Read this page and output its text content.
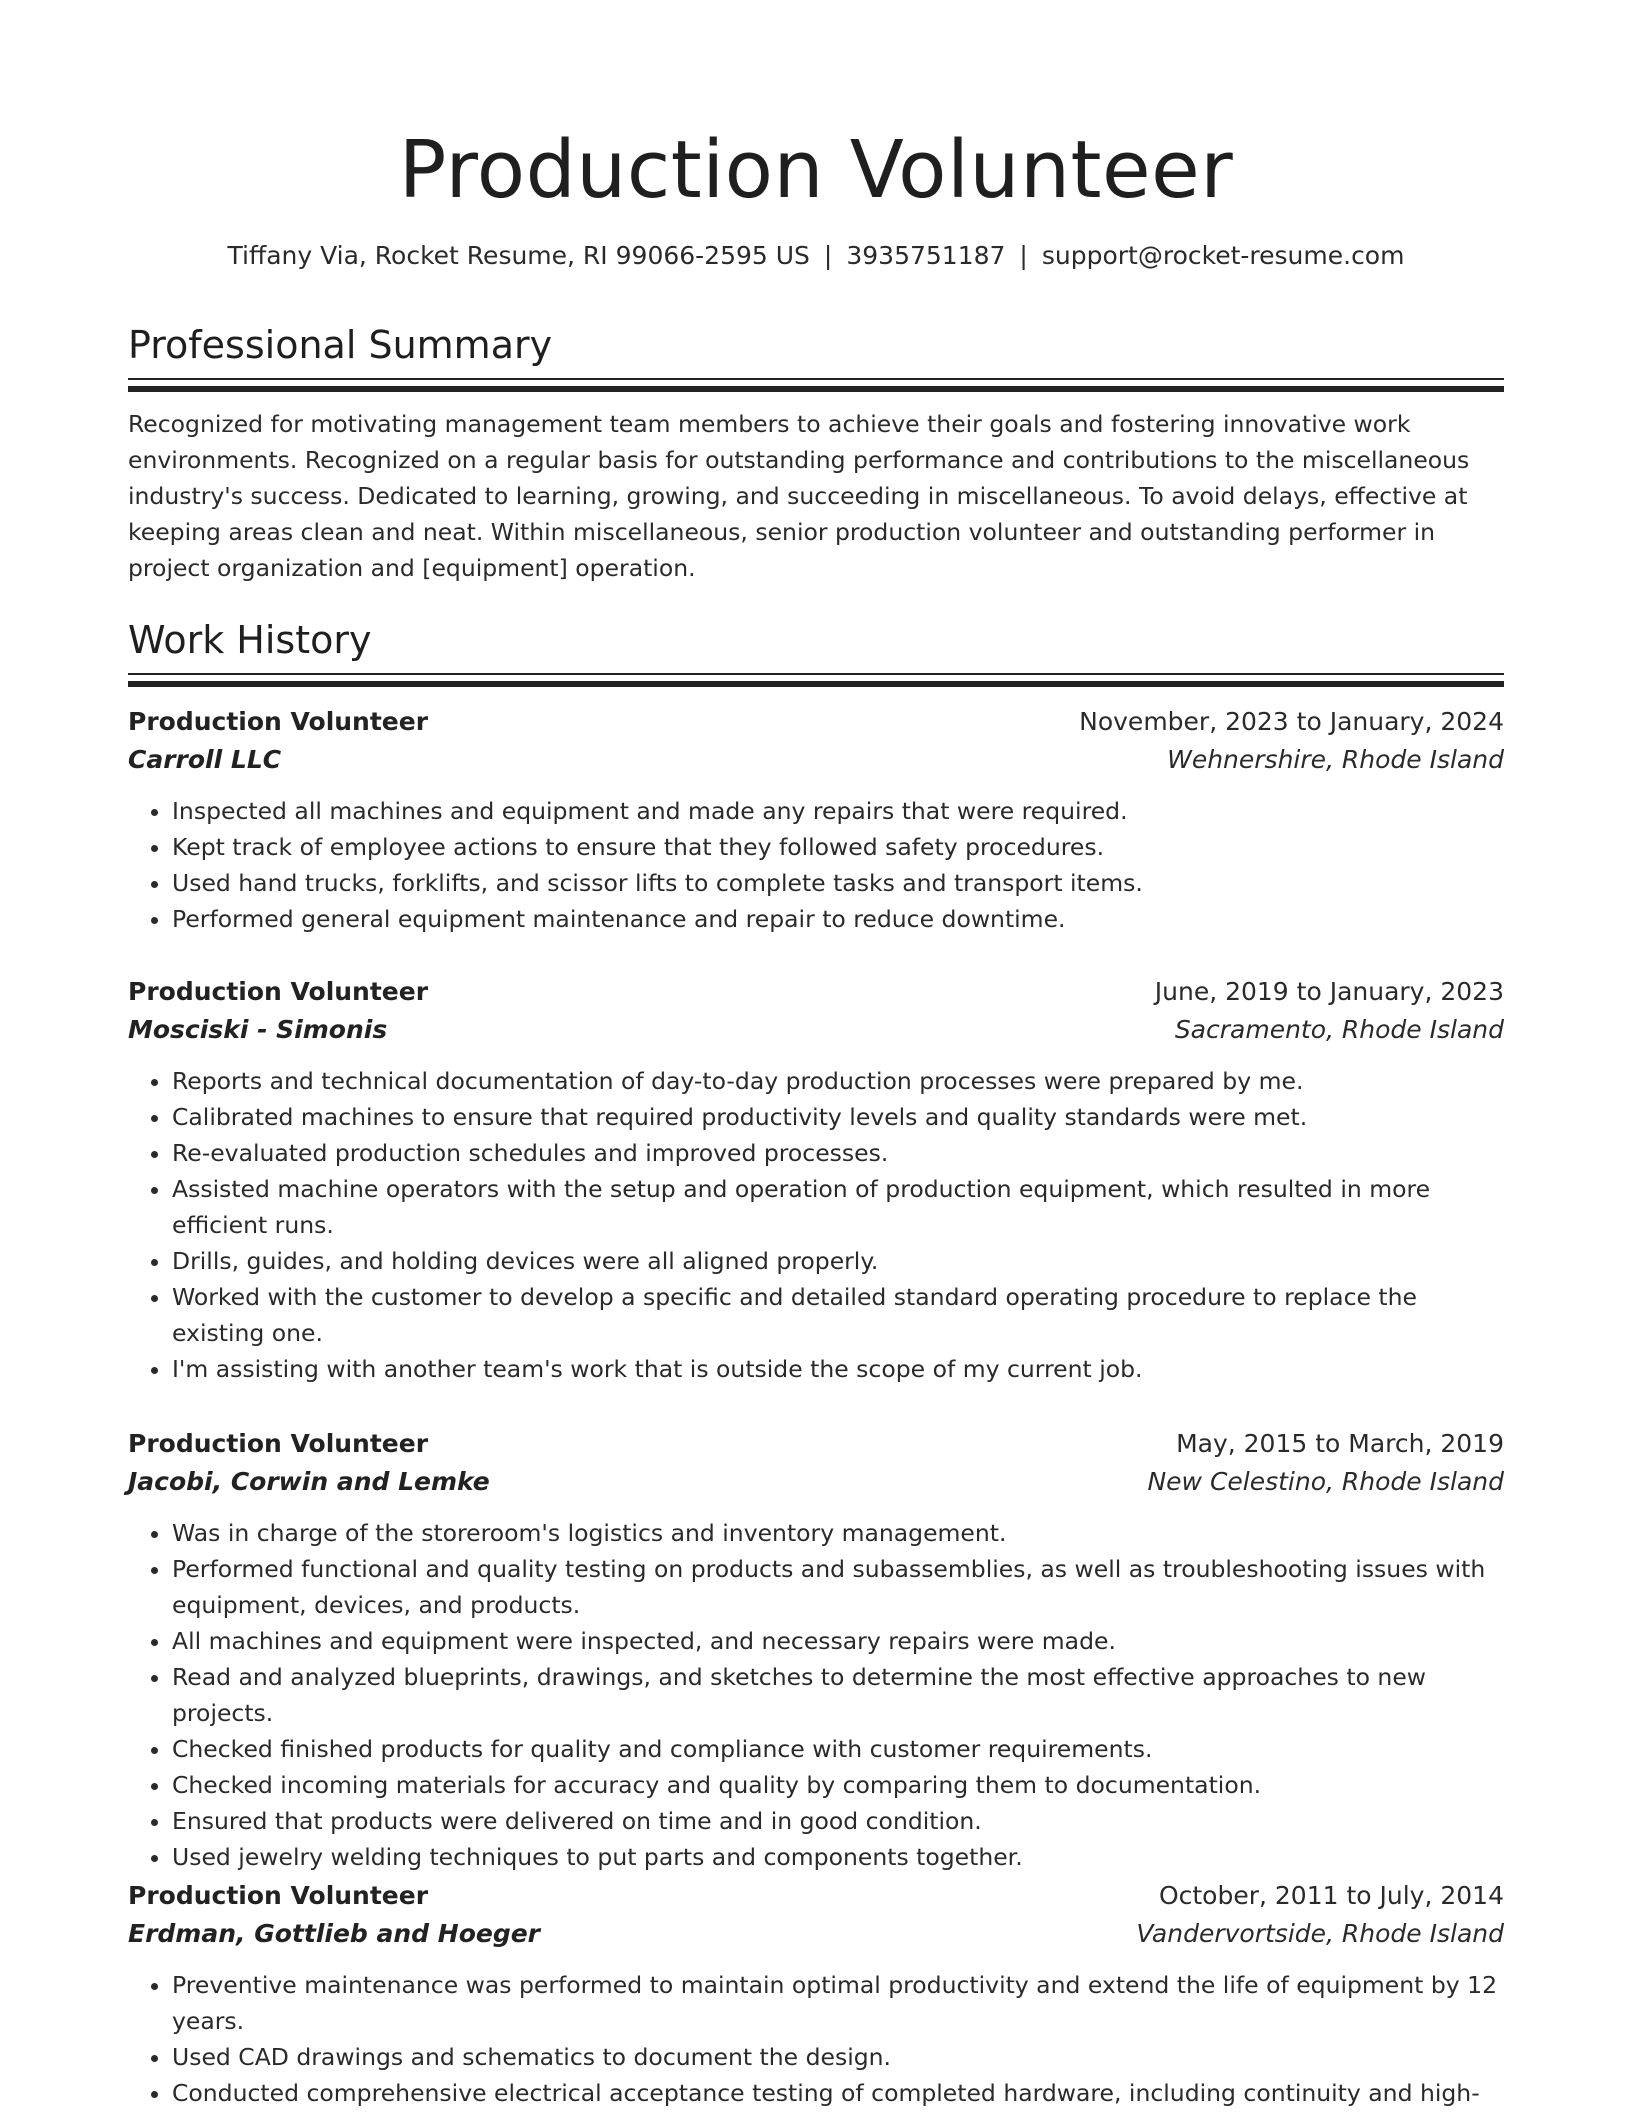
Production Volunteer
Tiffany Via, Rocket Resume, RI 99066-2595 US | 3935751187 | support@rocket-resume.com
Professional Summary

Recognized for motivating management team members to achieve their goals and fostering innovative work environments. Recognized on a regular basis for outstanding performance and contributions to the miscellaneous industry's success. Dedicated to learning, growing, and succeeding in miscellaneous. To avoid delays, effective at keeping areas clean and neat. Within miscellaneous, senior production volunteer and outstanding performer in project organization and [equipment] operation.

Work History
Production Volunteer	November, 2023 to January, 2024
Carroll LLC	Wehnershire, Rhode Island
• Inspected all machines and equipment and made any repairs that were required.
• Kept track of employee actions to ensure that they followed safety procedures.
• Used hand trucks, forklifts, and scissor lifts to complete tasks and transport items.
• Performed general equipment maintenance and repair to reduce downtime.
Production Volunteer	June, 2019 to January, 2023
Mosciski - Simonis	Sacramento, Rhode Island
• Reports and technical documentation of day-to-day production processes were prepared by me.
• Calibrated machines to ensure that required productivity levels and quality standards were met.
• Re-evaluated production schedules and improved processes.
• Assisted machine operators with the setup and operation of production equipment, which resulted in more efficient runs.
• Drills, guides, and holding devices were all aligned properly.
• Worked with the customer to develop a specific and detailed standard operating procedure to replace the existing one.
• I'm assisting with another team's work that is outside the scope of my current job.
Production Volunteer	May, 2015 to March, 2019
Jacobi, Corwin and Lemke	New Celestino, Rhode Island
• Was in charge of the storeroom's logistics and inventory management.
• Performed functional and quality testing on products and subassemblies, as well as troubleshooting issues with equipment, devices, and products.
• All machines and equipment were inspected, and necessary repairs were made.
• Read and analyzed blueprints, drawings, and sketches to determine the most effective approaches to new projects.
• Checked finished products for quality and compliance with customer requirements.
• Checked incoming materials for accuracy and quality by comparing them to documentation.
• Ensured that products were delivered on time and in good condition.
• Used jewelry welding techniques to put parts and components together.
Production Volunteer	October, 2011 to July, 2014
Erdman, Gottlieb and Hoeger	Vandervortside, Rhode Island
• Preventive maintenance was performed to maintain optimal productivity and extend the life of equipment by 12 years.
• Used CAD drawings and schematics to document the design.
• Conducted comprehensive electrical acceptance testing of completed hardware, including continuity and high-
